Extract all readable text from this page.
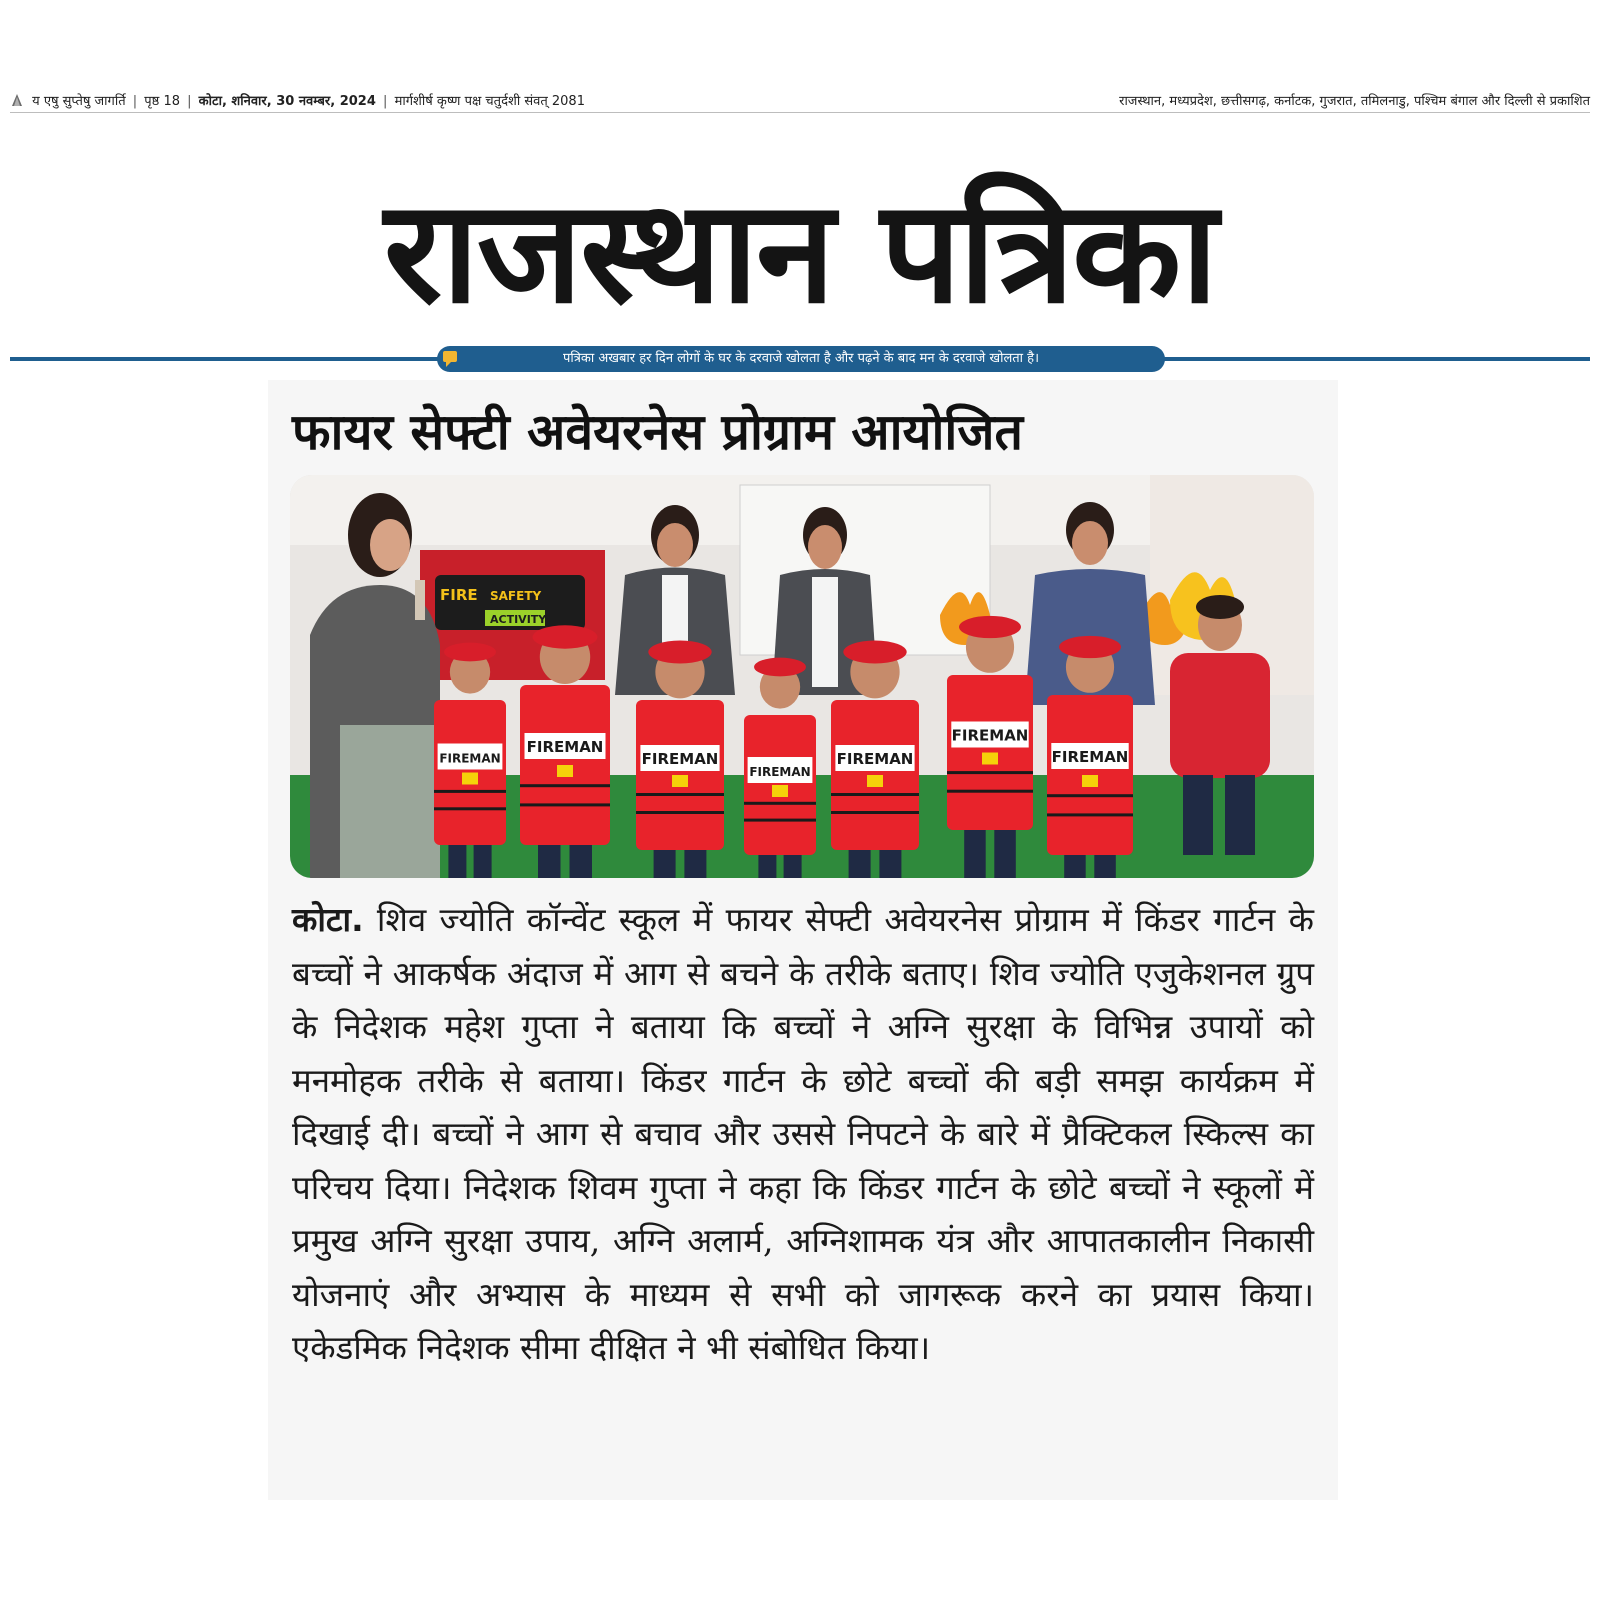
य एषु सुप्तेषु जागर्ति | पृष्ठ 18 | कोटा, शनिवार, 30 नवम्बर, 2024 | मार्गशीर्ष कृष्ण पक्ष चतुर्दशी संवत् 2081	राजस्थान, मध्यप्रदेश, छत्तीसगढ़, कर्नाटक, गुजरात, तमिलनाडु, पश्चिम बंगाल और दिल्ली से प्रकाशित
राजस्थान पत्रिका
पत्रिका अखबार हर दिन लोगों के घर के दरवाजे खोलता है और पढ़ने के बाद मन के दरवाजे खोलता है।
फायर सेफ्टी अवेयरनेस प्रोग्राम आयोजित
FIRE SAFETY
ACTIVITY
FIREMAN
FIREMAN
FIREMAN
FIREMAN
FIREMAN
FIREMAN
FIREMAN
कोटा. शिव ज्योति कॉन्वेंट स्कूल में फायर सेफ्टी अवेयरनेस प्रोग्राम में किंडर गार्टन के बच्चों ने आकर्षक अंदाज में आग से बचने के तरीके बताए। शिव ज्योति एजुकेशनल ग्रुप के निदेशक महेश गुप्ता ने बताया कि बच्चों ने अग्नि सुरक्षा के विभिन्न उपायों को मनमोहक तरीके से बताया। किंडर गार्टन के छोटे बच्चों की बड़ी समझ कार्यक्रम में दिखाई दी। बच्चों ने आग से बचाव और उससे निपटने के बारे में प्रैक्टिकल स्किल्स का परिचय दिया। निदेशक शिवम गुप्ता ने कहा कि किंडर गार्टन के छोटे बच्चों ने स्कूलों में प्रमुख अग्नि सुरक्षा उपाय, अग्नि अलार्म, अग्निशामक यंत्र और आपातकालीन निकासी योजनाएं और अभ्यास के माध्यम से सभी को जागरूक करने का प्रयास किया। एकेडमिक निदेशक सीमा दीक्षित ने भी संबोधित किया।
